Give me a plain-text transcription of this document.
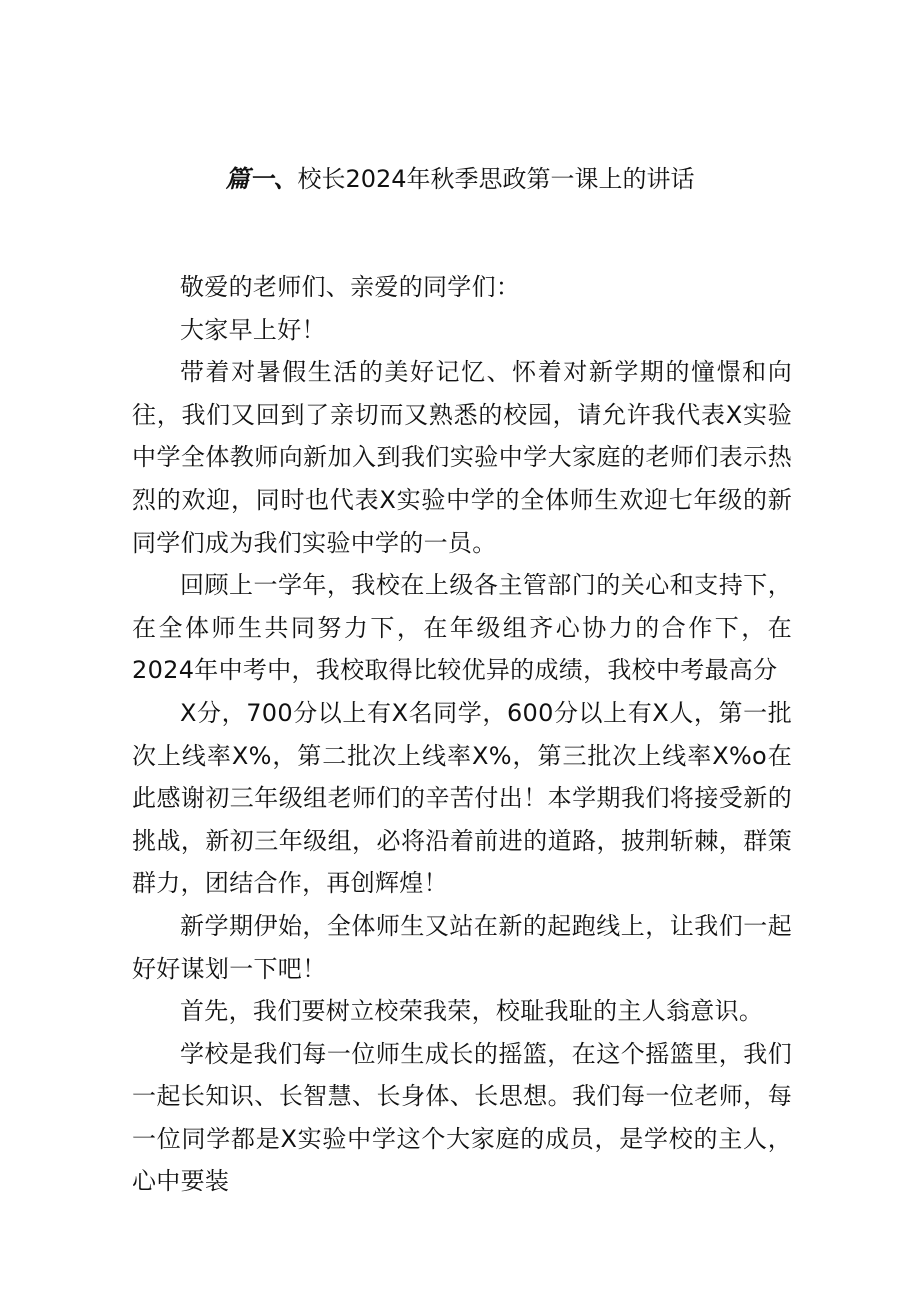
篇一、校长2024年秋季思政第一课上的讲话

敬爱的老师们、亲爱的同学们：

大家早上好！

带着对暑假生活的美好记忆、怀着对新学期的憧憬和向往，我们又回到了亲切而又熟悉的校园，请允许我代表X实验中学全体教师向新加入到我们实验中学大家庭的老师们表示热烈的欢迎，同时也代表X实验中学的全体师生欢迎七年级的新同学们成为我们实验中学的一员。

回顾上一学年，我校在上级各主管部门的关心和支持下，在全体师生共同努力下，在年级组齐心协力的合作下，在2024年中考中，我校取得比较优异的成绩，我校中考最高分

X分，700分以上有X名同学，600分以上有X人，第一批次上线率X%，第二批次上线率X%，第三批次上线率X%o在此感谢初三年级组老师们的辛苦付出！本学期我们将接受新的挑战，新初三年级组，必将沿着前进的道路，披荆斩棘，群策群力，团结合作，再创辉煌！

新学期伊始，全体师生又站在新的起跑线上，让我们一起好好谋划一下吧！

首先，我们要树立校荣我荣，校耻我耻的主人翁意识。

学校是我们每一位师生成长的摇篮，在这个摇篮里，我们一起长知识、长智慧、长身体、长思想。我们每一位老师，每一位同学都是X实验中学这个大家庭的成员，是学校的主人，心中要装
